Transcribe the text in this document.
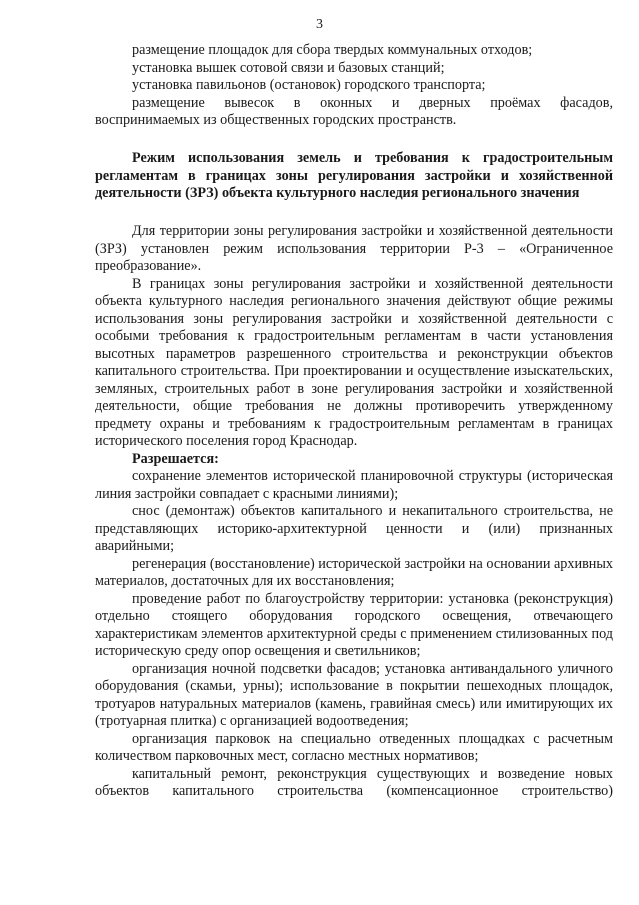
3

размещение площадок для сбора твердых коммунальных отходов;

установка вышек сотовой связи и базовых станций;

установка павильонов (остановок) городского транспорта;

размещение вывесок в оконных и дверных проёмах фасадов,

воспринимаемых из общественных городских пространств.

Режим использования земель и требования к градостроительным регламентам в границах зоны регулирования застройки и хозяйственной деятельности (ЗРЗ) объекта культурного наследия регионального значения

Для территории зоны регулирования застройки и хозяйственной деятельности (ЗРЗ) установлен режим использования территории Р-3 – «Ограниченное преобразование».

В границах зоны регулирования застройки и хозяйственной деятельности объекта культурного наследия регионального значения действуют общие режимы использования зоны регулирования застройки и хозяйственной деятельности с особыми требования к градостроительным регламентам в части установления высотных параметров разрешенного строительства и реконструкции объектов капитального строительства. При проектировании и осуществление изыскательских, земляных, строительных работ в зоне регулирования застройки и хозяйственной деятельности, общие требования не должны противоречить утвержденному предмету охраны и требованиям к градостроительным регламентам в границах исторического поселения город Краснодар.

Разрешается:

сохранение элементов исторической планировочной структуры (историческая линия застройки совпадает с красными линиями);

снос (демонтаж) объектов капитального и некапитального строительства, не представляющих историко-архитектурной ценности и (или) признанных аварийными;

регенерация (восстановление) исторической застройки на основании архивных материалов, достаточных для их восстановления;

проведение работ по благоустройству территории: установка (реконструкция) отдельно стоящего оборудования городского освещения, отвечающего характеристикам элементов архитектурной среды с применением стилизованных под историческую среду опор освещения и светильников;

организация ночной подсветки фасадов; установка антивандального уличного оборудования (скамьи, урны); использование в покрытии пешеходных площадок, тротуаров натуральных материалов (камень, гравийная смесь) или имитирующих их (тротуарная плитка) с организацией водоотведения;

организация парковок на специально отведенных площадках с расчетным количеством парковочных мест, согласно местных нормативов;

капитальный ремонт, реконструкция существующих и возведение новых

объектов капитального строительства (компенсационное строительство)
